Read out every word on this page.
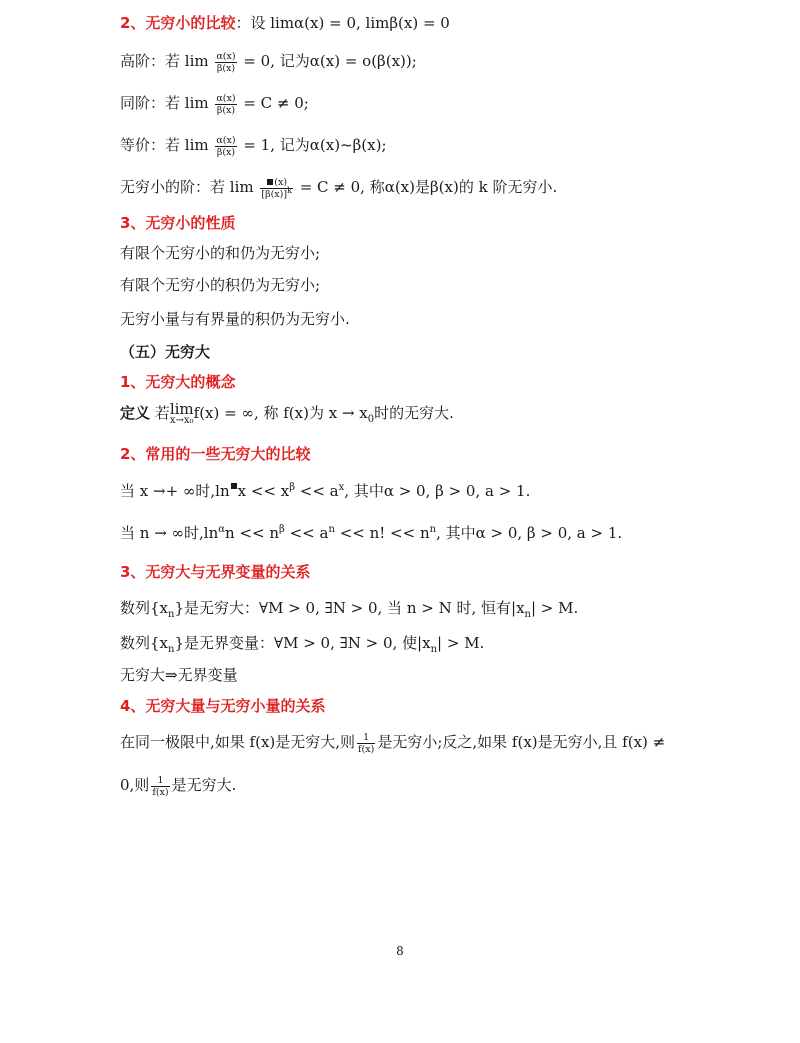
2、无穷小的比较：设 limα(x) = 0, limβ(x) = 0
高阶：若 $\lim \frac{\alpha(x)}{\beta(x)} = 0$, 记为α(x) = o(β(x));
同阶：若 $\lim \frac{\alpha(x)}{\beta(x)} = C \ne 0$;
等价：若 $\lim \frac{\alpha(x)}{\beta(x)} = 1$, 记为α(x)~β(x);
无穷小的阶：若 $\lim \frac{(x)}{[\beta(x)]^k} = C \ne 0$, 称α(x)是β(x)的 k 阶无穷小.
3、无穷小的性质
有限个无穷小的和仍为无穷小;
有限个无穷小的积仍为无穷小;
无穷小量与有界量的积仍为无穷小.
（五）无穷大
1、无穷大的概念
定义 若 lim
x→x₀ f(x) = ∞, 称 f(x)为 $x \to x_0$时的无穷大.
2、常用的一些无穷大的比较
当 x →+ ∞时,ln $x << x^\beta << a^x$, 其中α > 0, β > 0, a > 1.
当 n → ∞时$,\ln^\alpha n << n^\beta << a^n << n$! << $n^n$, 其中α > 0, β > 0, a > 1.
3、无穷大与无界变量的关系
数列$\{x_n\}$是无穷大：∀M > 0, ∃N > 0, 当 n > N 时, 恒有$|x_n| > M$.
数列$\{x_n\}$是无界变量：∀M > 0, ∃N > 0, 使$|x_n| > M$.
无穷大⇒无界变量
4、无穷大量与无穷小量的关系
在同一极限中,如果 f(x)是无穷大,则 $\frac{1}{f(x)}$ 是无穷小;反之,如果 f(x)是无穷小,且 f(x) ≠
0,则 $\frac{1}{f(x)}$ 是无穷大.
8
